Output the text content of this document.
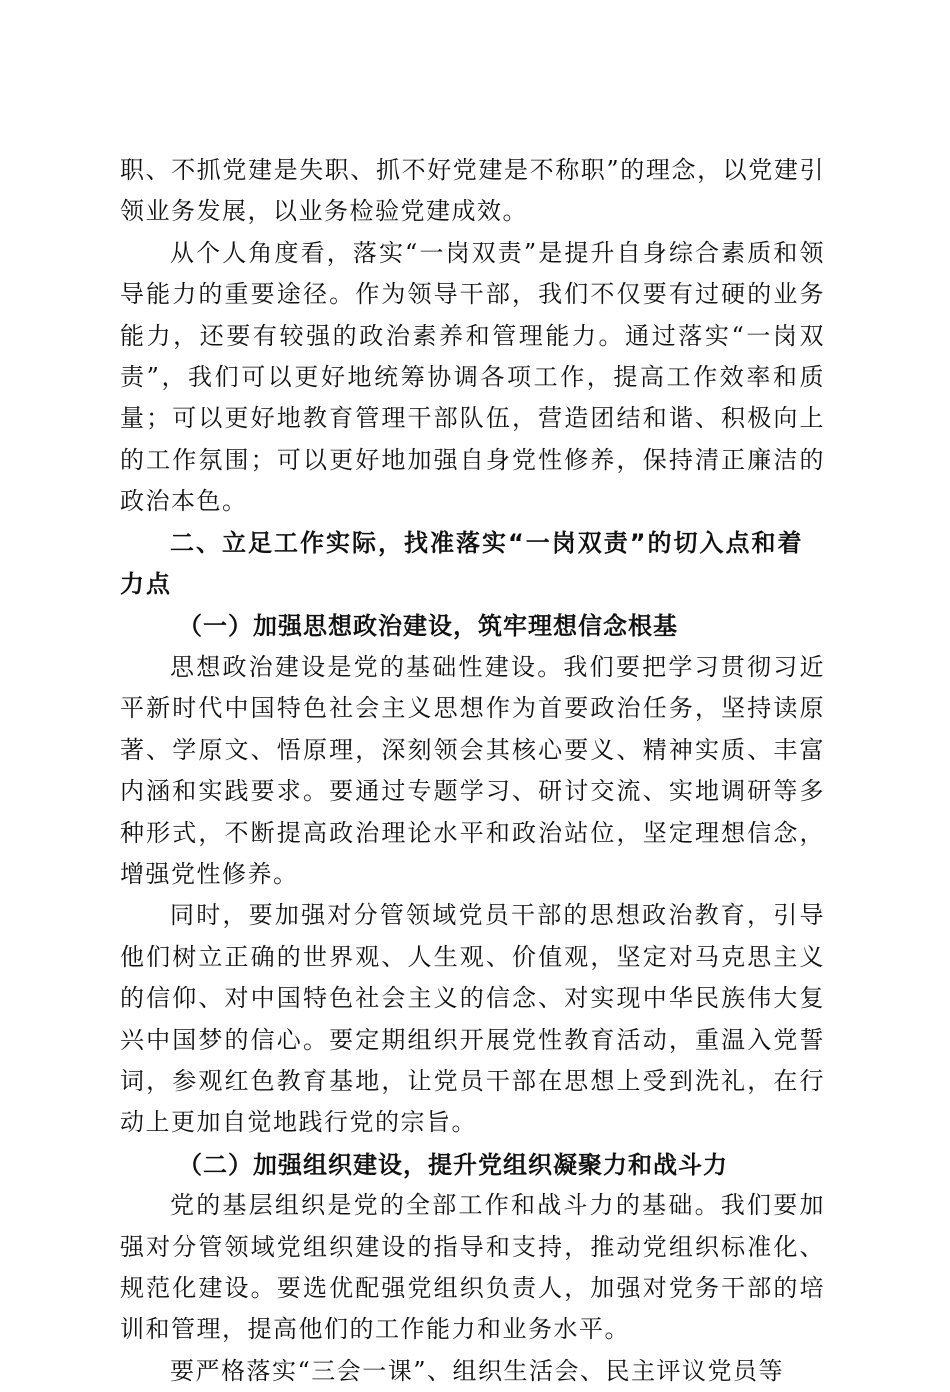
职、不抓党建是失职、抓不好党建是不称职”的理念，以党建引领业务发展，以业务检验党建成效。

从个人角度看，落实“一岗双责”是提升自身综合素质和领导能力的重要途径。作为领导干部，我们不仅要有过硬的业务能力，还要有较强的政治素养和管理能力。通过落实“一岗双责”，我们可以更好地统筹协调各项工作，提高工作效率和质量；可以更好地教育管理干部队伍，营造团结和谐、积极向上的工作氛围；可以更好地加强自身党性修养，保持清正廉洁的政治本色。

二、立足工作实际，找准落实“一岗双责”的切入点和着力点

（一）加强思想政治建设，筑牢理想信念根基

思想政治建设是党的基础性建设。我们要把学习贯彻习近平新时代中国特色社会主义思想作为首要政治任务，坚持读原著、学原文、悟原理，深刻领会其核心要义、精神实质、丰富内涵和实践要求。要通过专题学习、研讨交流、实地调研等多种形式，不断提高政治理论水平和政治站位，坚定理想信念，增强党性修养。

同时，要加强对分管领域党员干部的思想政治教育，引导他们树立正确的世界观、人生观、价值观，坚定对马克思主义的信仰、对中国特色社会主义的信念、对实现中华民族伟大复兴中国梦的信心。要定期组织开展党性教育活动，重温入党誓词，参观红色教育基地，让党员干部在思想上受到洗礼，在行动上更加自觉地践行党的宗旨。

（二）加强组织建设，提升党组织凝聚力和战斗力

党的基层组织是党的全部工作和战斗力的基础。我们要加强对分管领域党组织建设的指导和支持，推动党组织标准化、规范化建设。要选优配强党组织负责人，加强对党务干部的培训和管理，提高他们的工作能力和业务水平。

要严格落实“三会一课”、组织生活会、民主评议党员等
